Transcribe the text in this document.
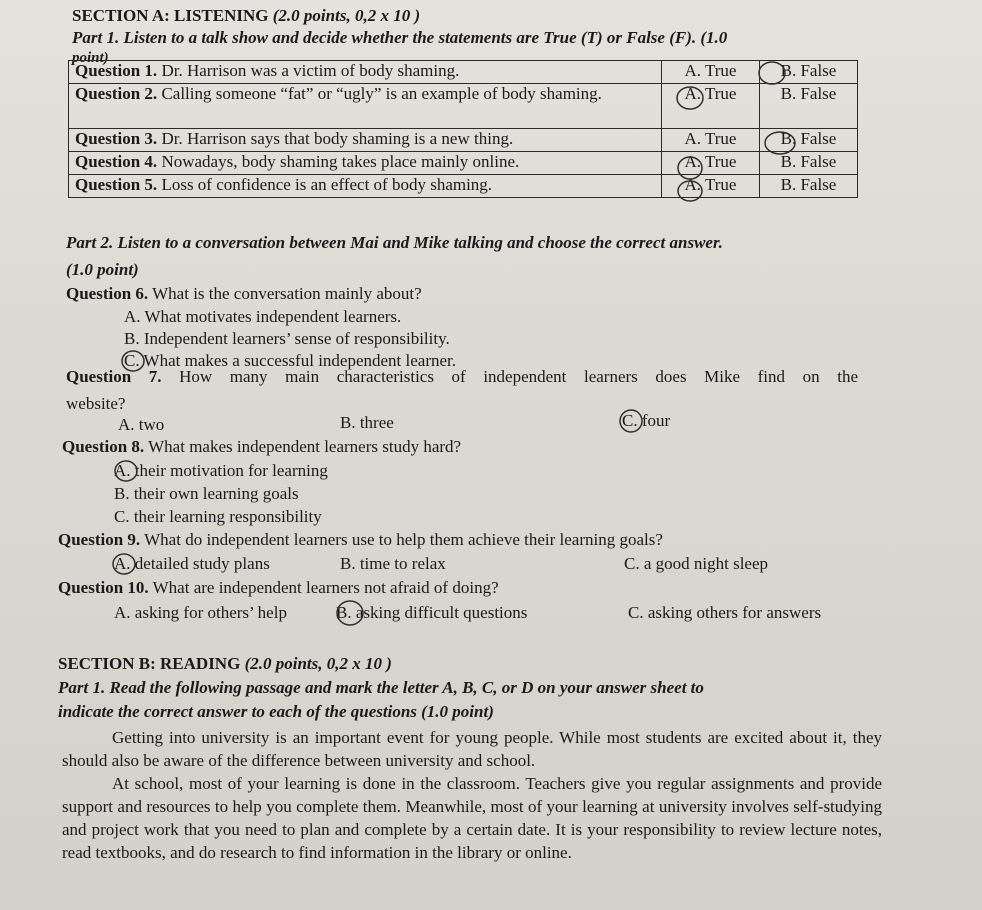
SECTION A: LISTENING (2.0 points, 0,2 x 10 )
Part 1. Listen to a talk show and decide whether the statements are True (T) or False (F). (1.0
point)
Question 1. Dr. Harrison was a victim of body shaming.	A. True	B. False
Question 2. Calling someone “fat” or “ugly” is an example of body shaming.	A. True	B. False
Question 3. Dr. Harrison says that body shaming is a new thing.	A. True	B. False
Question 4. Nowadays, body shaming takes place mainly online.	A. True	B. False
Question 5. Loss of confidence is an effect of body shaming.	A. True	B. False
Part 2. Listen to a conversation between Mai and Mike talking and choose the correct answer.
(1.0 point)
Question 6. What is the conversation mainly about?
A. What motivates independent learners.
B. Independent learners’ sense of responsibility.
C. What makes a successful independent learner.
Question 7. How many main characteristics of independent learners does Mike find on the
website?
A. two	B. three	C. four
Question 8. What makes independent learners study hard?
A. their motivation for learning
B. their own learning goals
C. their learning responsibility
Question 9. What do independent learners use to help them achieve their learning goals?
A. detailed study plans	B. time to relax	C. a good night sleep
Question 10. What are independent learners not afraid of doing?
A. asking for others’ help	B. asking difficult questions	C. asking others for answers
SECTION B: READING (2.0 points, 0,2 x 10 )
Part 1. Read the following passage and mark the letter A, B, C, or D on your answer sheet to
indicate the correct answer to each of the questions (1.0 point)
Getting into university is an important event for young people. While most students are excited about it, they should also be aware of the difference between university and school.
At school, most of your learning is done in the classroom. Teachers give you regular assignments and provide support and resources to help you complete them. Meanwhile, most of your learning at university involves self-studying and project work that you need to plan and complete by a certain date. It is your responsibility to review lecture notes, read textbooks, and do research to find information in the library or online.
